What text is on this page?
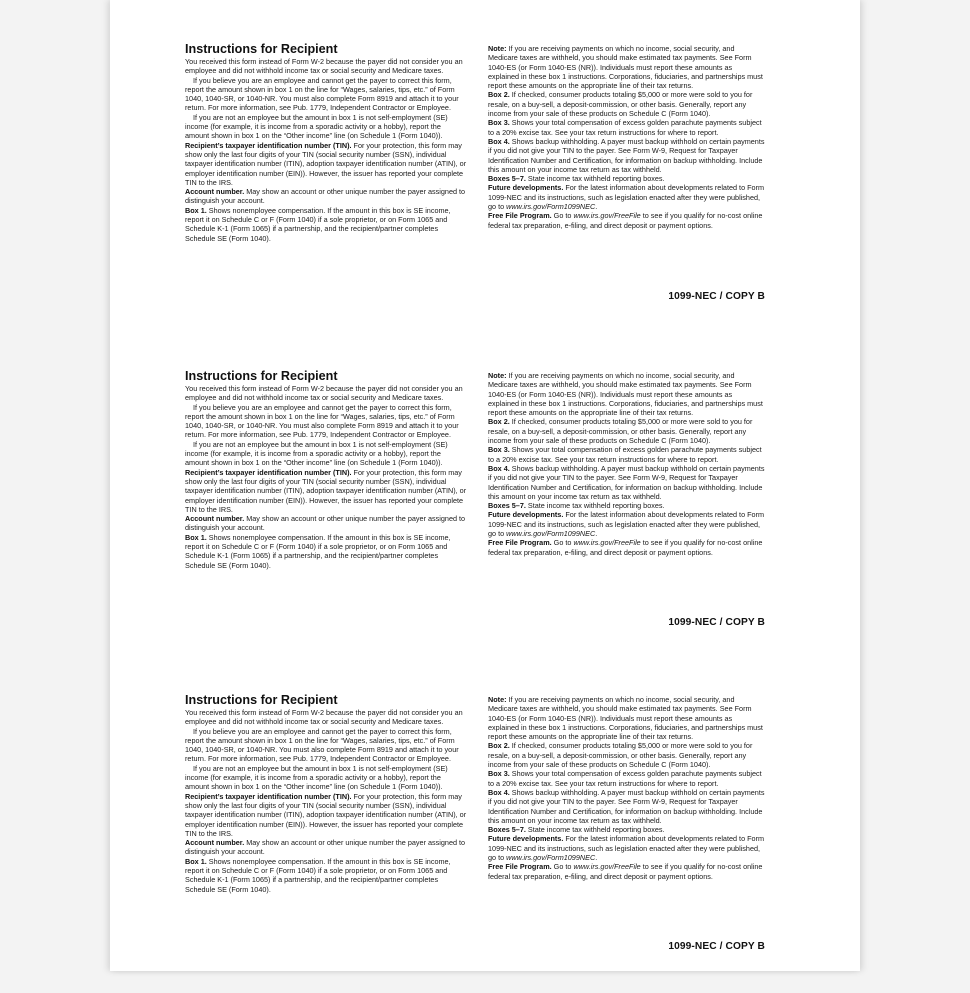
Instructions for Recipient

You received this form instead of Form W-2 because the payer did not consider you an employee and did not withhold income tax or social security and Medicare taxes.

If you believe you are an employee and cannot get the payer to correct this form, report the amount shown in box 1 on the line for “Wages, salaries, tips, etc.” of Form 1040, 1040-SR, or 1040-NR. You must also complete Form 8919 and attach it to your return. For more information, see Pub. 1779, Independent Contractor or Employee.

If you are not an employee but the amount in box 1 is not self-employment (SE) income (for example, it is income from a sporadic activity or a hobby), report the amount shown in box 1 on the “Other income” line (on Schedule 1 (Form 1040)).

Recipient’s taxpayer identification number (TIN). For your protection, this form may show only the last four digits of your TIN (social security number (SSN), individual taxpayer identification number (ITIN), adoption taxpayer identification number (ATIN), or employer identification number (EIN)). However, the issuer has reported your complete TIN to the IRS.

Account number. May show an account or other unique number the payer assigned to distinguish your account.

Box 1. Shows nonemployee compensation. If the amount in this box is SE income, report it on Schedule C or F (Form 1040) if a sole proprietor, or on Form 1065 and Schedule K-1 (Form 1065) if a partnership, and the recipient/partner completes Schedule SE (Form 1040).

Note: If you are receiving payments on which no income, social security, and Medicare taxes are withheld, you should make estimated tax payments. See Form 1040-ES (or Form 1040-ES (NR)). Individuals must report these amounts as explained in these box 1 instructions. Corporations, fiduciaries, and partnerships must report these amounts on the appropriate line of their tax returns.

Box 2. If checked, consumer products totaling $5,000 or more were sold to you for resale, on a buy-sell, a deposit-commission, or other basis. Generally, report any income from your sale of these products on Schedule C (Form 1040).

Box 3. Shows your total compensation of excess golden parachute payments subject to a 20% excise tax. See your tax return instructions for where to report.

Box 4. Shows backup withholding. A payer must backup withhold on certain payments if you did not give your TIN to the payer. See Form W-9, Request for Taxpayer Identification Number and Certification, for information on backup withholding. Include this amount on your income tax return as tax withheld.

Boxes 5–7. State income tax withheld reporting boxes.

Future developments. For the latest information about developments related to Form 1099-NEC and its instructions, such as legislation enacted after they were published, go to www.irs.gov/Form1099NEC.

Free File Program. Go to www.irs.gov/FreeFile to see if you qualify for no-cost online federal tax preparation, e-filing, and direct deposit or payment options.

1099-NEC / COPY B
Instructions for Recipient

You received this form instead of Form W-2 because the payer did not consider you an employee and did not withhold income tax or social security and Medicare taxes.

If you believe you are an employee and cannot get the payer to correct this form, report the amount shown in box 1 on the line for “Wages, salaries, tips, etc.” of Form 1040, 1040-SR, or 1040-NR. You must also complete Form 8919 and attach it to your return. For more information, see Pub. 1779, Independent Contractor or Employee.

If you are not an employee but the amount in box 1 is not self-employment (SE) income (for example, it is income from a sporadic activity or a hobby), report the amount shown in box 1 on the “Other income” line (on Schedule 1 (Form 1040)).

Recipient’s taxpayer identification number (TIN). For your protection, this form may show only the last four digits of your TIN (social security number (SSN), individual taxpayer identification number (ITIN), adoption taxpayer identification number (ATIN), or employer identification number (EIN)). However, the issuer has reported your complete TIN to the IRS.

Account number. May show an account or other unique number the payer assigned to distinguish your account.

Box 1. Shows nonemployee compensation. If the amount in this box is SE income, report it on Schedule C or F (Form 1040) if a sole proprietor, or on Form 1065 and Schedule K-1 (Form 1065) if a partnership, and the recipient/partner completes Schedule SE (Form 1040).

Note: If you are receiving payments on which no income, social security, and Medicare taxes are withheld, you should make estimated tax payments. See Form 1040-ES (or Form 1040-ES (NR)). Individuals must report these amounts as explained in these box 1 instructions. Corporations, fiduciaries, and partnerships must report these amounts on the appropriate line of their tax returns.

Box 2. If checked, consumer products totaling $5,000 or more were sold to you for resale, on a buy-sell, a deposit-commission, or other basis. Generally, report any income from your sale of these products on Schedule C (Form 1040).

Box 3. Shows your total compensation of excess golden parachute payments subject to a 20% excise tax. See your tax return instructions for where to report.

Box 4. Shows backup withholding. A payer must backup withhold on certain payments if you did not give your TIN to the payer. See Form W-9, Request for Taxpayer Identification Number and Certification, for information on backup withholding. Include this amount on your income tax return as tax withheld.

Boxes 5–7. State income tax withheld reporting boxes.

Future developments. For the latest information about developments related to Form 1099-NEC and its instructions, such as legislation enacted after they were published, go to www.irs.gov/Form1099NEC.

Free File Program. Go to www.irs.gov/FreeFile to see if you qualify for no-cost online federal tax preparation, e-filing, and direct deposit or payment options.

1099-NEC / COPY B
Instructions for Recipient

You received this form instead of Form W-2 because the payer did not consider you an employee and did not withhold income tax or social security and Medicare taxes.

If you believe you are an employee and cannot get the payer to correct this form, report the amount shown in box 1 on the line for “Wages, salaries, tips, etc.” of Form 1040, 1040-SR, or 1040-NR. You must also complete Form 8919 and attach it to your return. For more information, see Pub. 1779, Independent Contractor or Employee.

If you are not an employee but the amount in box 1 is not self-employment (SE) income (for example, it is income from a sporadic activity or a hobby), report the amount shown in box 1 on the “Other income” line (on Schedule 1 (Form 1040)).

Recipient’s taxpayer identification number (TIN). For your protection, this form may show only the last four digits of your TIN (social security number (SSN), individual taxpayer identification number (ITIN), adoption taxpayer identification number (ATIN), or employer identification number (EIN)). However, the issuer has reported your complete TIN to the IRS.

Account number. May show an account or other unique number the payer assigned to distinguish your account.

Box 1. Shows nonemployee compensation. If the amount in this box is SE income, report it on Schedule C or F (Form 1040) if a sole proprietor, or on Form 1065 and Schedule K-1 (Form 1065) if a partnership, and the recipient/partner completes Schedule SE (Form 1040).

Note: If you are receiving payments on which no income, social security, and Medicare taxes are withheld, you should make estimated tax payments. See Form 1040-ES (or Form 1040-ES (NR)). Individuals must report these amounts as explained in these box 1 instructions. Corporations, fiduciaries, and partnerships must report these amounts on the appropriate line of their tax returns.

Box 2. If checked, consumer products totaling $5,000 or more were sold to you for resale, on a buy-sell, a deposit-commission, or other basis. Generally, report any income from your sale of these products on Schedule C (Form 1040).

Box 3. Shows your total compensation of excess golden parachute payments subject to a 20% excise tax. See your tax return instructions for where to report.

Box 4. Shows backup withholding. A payer must backup withhold on certain payments if you did not give your TIN to the payer. See Form W-9, Request for Taxpayer Identification Number and Certification, for information on backup withholding. Include this amount on your income tax return as tax withheld.

Boxes 5–7. State income tax withheld reporting boxes.

Future developments. For the latest information about developments related to Form 1099-NEC and its instructions, such as legislation enacted after they were published, go to www.irs.gov/Form1099NEC.

Free File Program. Go to www.irs.gov/FreeFile to see if you qualify for no-cost online federal tax preparation, e-filing, and direct deposit or payment options.

1099-NEC / COPY B
